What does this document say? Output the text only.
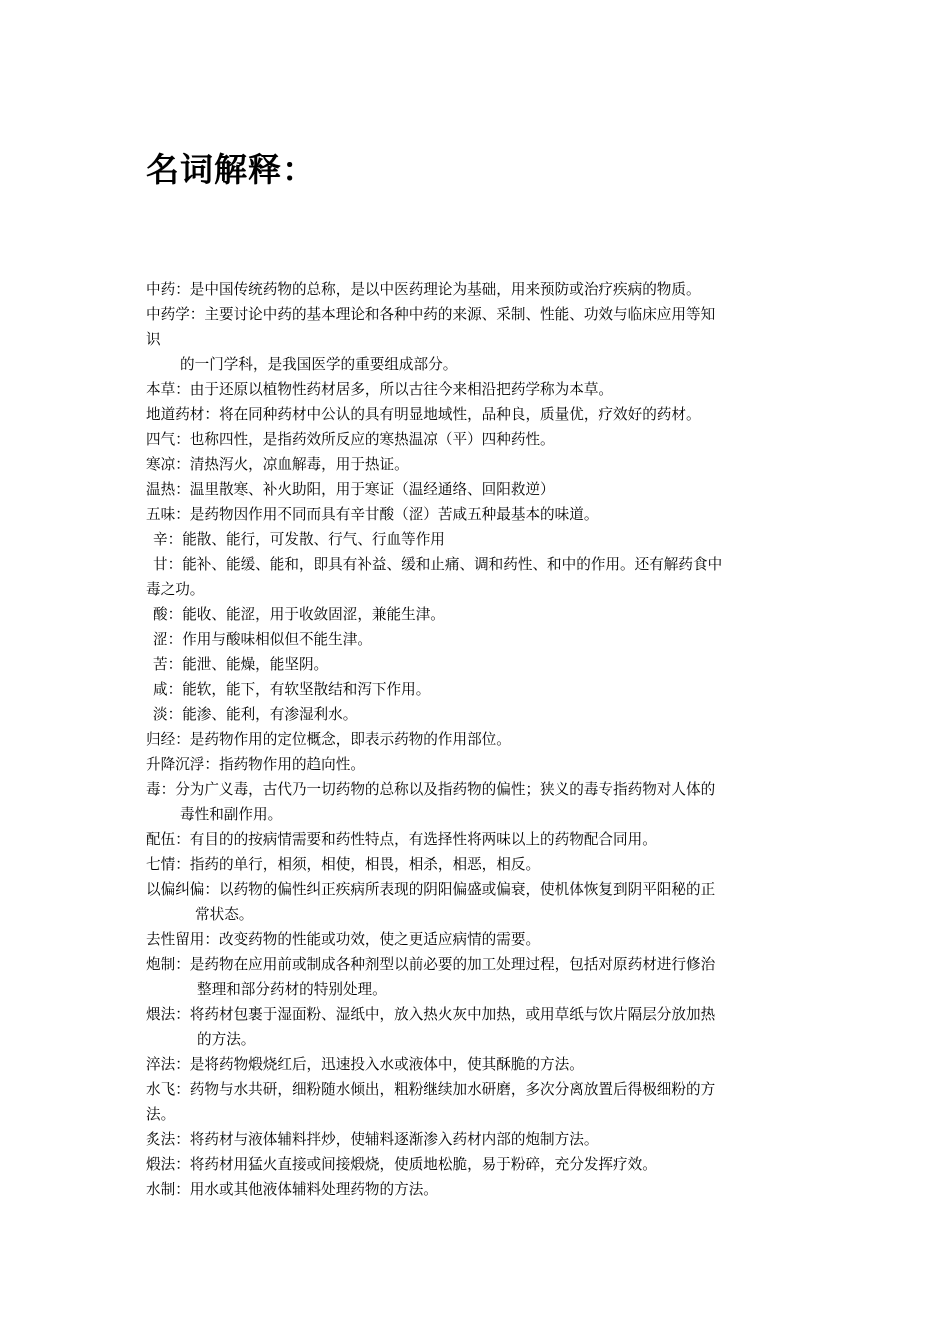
名词解释：
中药：是中国传统药物的总称，是以中医药理论为基础，用来预防或治疗疾病的物质。
中药学：主要讨论中药的基本理论和各种中药的来源、采制、性能、功效与临床应用等知
识
的一门学科，是我国医学的重要组成部分。
本草：由于还原以植物性药材居多，所以古往今来相沿把药学称为本草。
地道药材：将在同种药材中公认的具有明显地域性，品种良，质量优，疗效好的药材。
四气：也称四性，是指药效所反应的寒热温凉（平）四种药性。
寒凉：清热泻火，凉血解毒，用于热证。
温热：温里散寒、补火助阳，用于寒证（温经通络、回阳救逆）
五味：是药物因作用不同而具有辛甘酸（涩）苦咸五种最基本的味道。
辛：能散、能行，可发散、行气、行血等作用
甘：能补、能缓、能和，即具有补益、缓和止痛、调和药性、和中的作用。还有解药食中
毒之功。
酸：能收、能涩，用于收敛固涩，兼能生津。
涩：作用与酸味相似但不能生津。
苦：能泄、能燥，能坚阴。
咸：能软，能下，有软坚散结和泻下作用。
淡：能渗、能利，有渗湿利水。
归经：是药物作用的定位概念，即表示药物的作用部位。
升降沉浮：指药物作用的趋向性。
毒：分为广义毒，古代乃一切药物的总称以及指药物的偏性；狭义的毒专指药物对人体的
毒性和副作用。
配伍：有目的的按病情需要和药性特点，有选择性将两味以上的药物配合同用。
七情：指药的单行，相须，相使，相畏，相杀，相恶，相反。
以偏纠偏：以药物的偏性纠正疾病所表现的阴阳偏盛或偏衰，使机体恢复到阴平阳秘的正
常状态。
去性留用：改变药物的性能或功效，使之更适应病情的需要。
炮制：是药物在应用前或制成各种剂型以前必要的加工处理过程，包括对原药材进行修治
整理和部分药材的特别处理。
煨法：将药材包裹于湿面粉、湿纸中，放入热火灰中加热，或用草纸与饮片隔层分放加热
的方法。
淬法：是将药物煅烧红后，迅速投入水或液体中，使其酥脆的方法。
水飞：药物与水共研，细粉随水倾出，粗粉继续加水研磨，多次分离放置后得极细粉的方
法。
炙法：将药材与液体辅料拌炒，使辅料逐渐渗入药材内部的炮制方法。
煅法：将药材用猛火直接或间接煅烧，使质地松脆，易于粉碎，充分发挥疗效。
水制：用水或其他液体辅料处理药物的方法。
